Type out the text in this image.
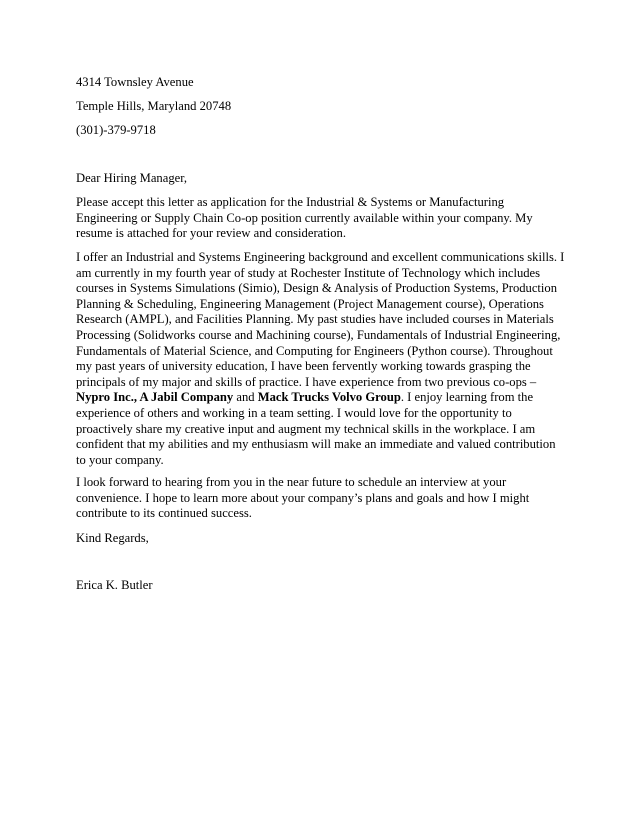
4314 Townsley Avenue
Temple Hills, Maryland 20748
(301)-379-9718
Dear Hiring Manager,
Please accept this letter as application for the Industrial & Systems or Manufacturing
Engineering or Supply Chain Co-op position currently available within your company. My
resume is attached for your review and consideration.
I offer an Industrial and Systems Engineering background and excellent communications skills. I
am currently in my fourth year of study at Rochester Institute of Technology which includes
courses in Systems Simulations (Simio), Design & Analysis of Production Systems, Production
Planning & Scheduling, Engineering Management (Project Management course), Operations
Research (AMPL), and Facilities Planning. My past studies have included courses in Materials
Processing (Solidworks course and Machining course), Fundamentals of Industrial Engineering,
Fundamentals of Material Science, and Computing for Engineers (Python course). Throughout
my past years of university education, I have been fervently working towards grasping the
principals of my major and skills of practice. I have experience from two previous co-ops –
Nypro Inc., A Jabil Company and Mack Trucks Volvo Group. I enjoy learning from the
experience of others and working in a team setting. I would love for the opportunity to
proactively share my creative input and augment my technical skills in the workplace. I am
confident that my abilities and my enthusiasm will make an immediate and valued contribution
to your company.
I look forward to hearing from you in the near future to schedule an interview at your
convenience. I hope to learn more about your company’s plans and goals and how I might
contribute to its continued success.
Kind Regards,
Erica K. Butler
